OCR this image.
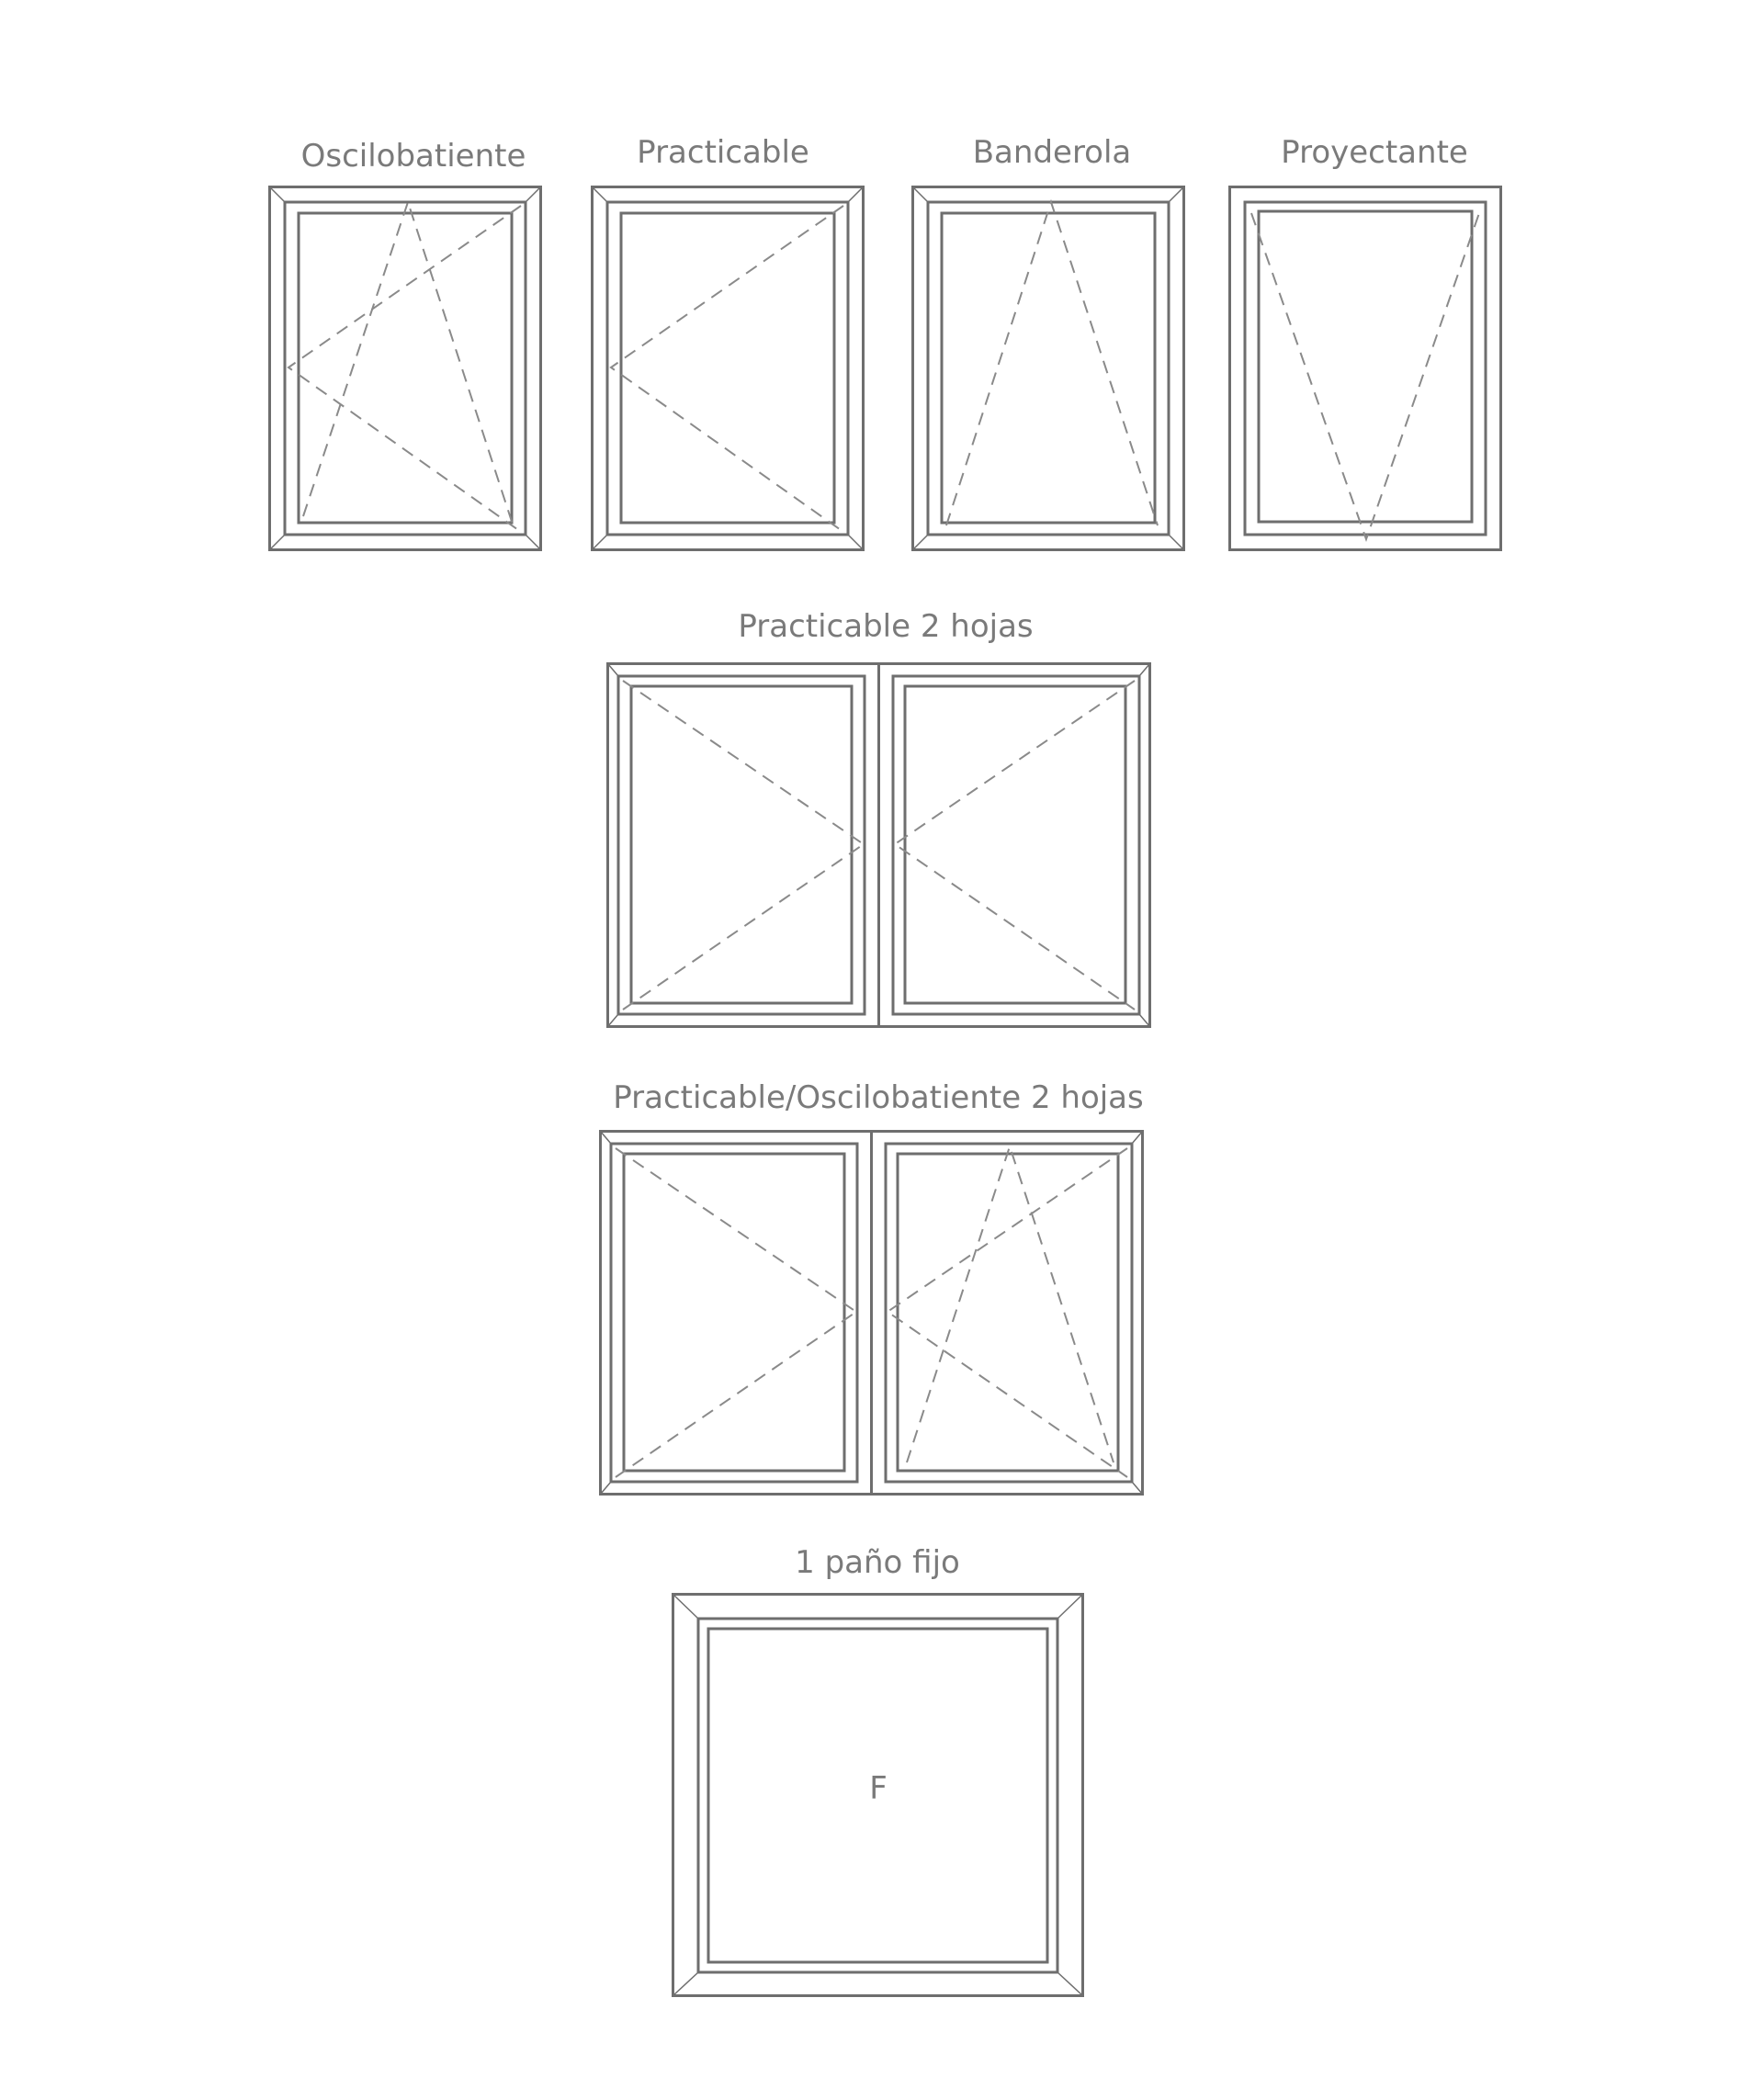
Oscilobatiente	Practicable	Banderola	Proyectante
Practicable 2 hojas
Practicable/Oscilobatiente 2 hojas
1 paño fijo
F
